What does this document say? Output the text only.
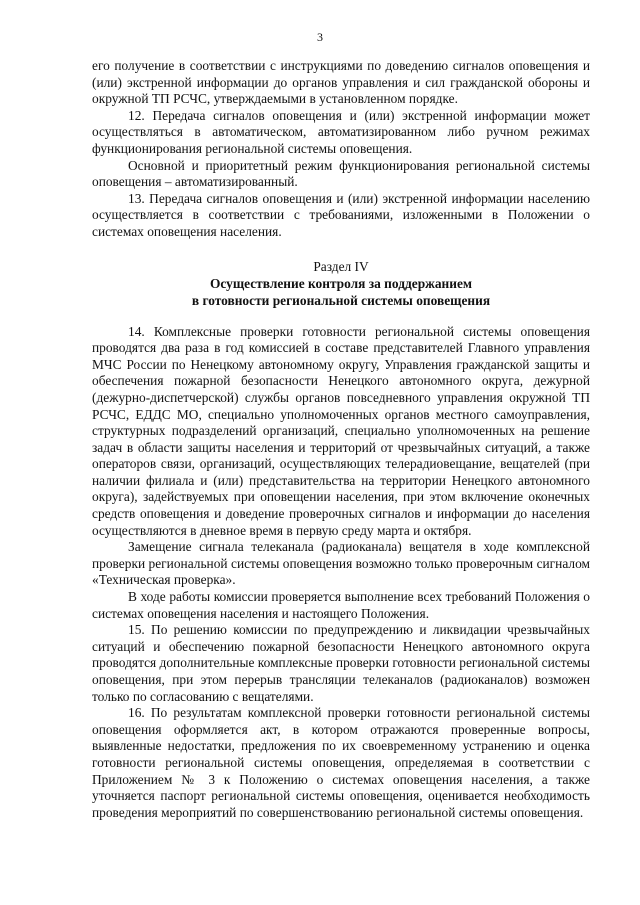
3

его получение в соответствии с инструкциями по доведению сигналов оповещения и (или) экстренной информации до органов управления и сил гражданской обороны и окружной ТП РСЧС, утверждаемыми в установленном порядке.

12. Передача сигналов оповещения и (или) экстренной информации может осуществляться в автоматическом, автоматизированном либо ручном режимах функционирования региональной системы оповещения.

Основной и приоритетный режим функционирования региональной системы оповещения – автоматизированный.

13. Передача сигналов оповещения и (или) экстренной информации населению осуществляется в соответствии с требованиями, изложенными в Положении о системах оповещения населения.

Раздел IV
Осуществление контроля за поддержанием
в готовности региональной системы оповещения

14. Комплексные проверки готовности региональной системы оповещения проводятся два раза в год комиссией в составе представителей Главного управления МЧС России по Ненецкому автономному округу, Управления гражданской защиты и обеспечения пожарной безопасности Ненецкого автономного округа, дежурной (дежурно-диспетчерской) службы органов повседневного управления окружной ТП РСЧС, ЕДДС МО, специально уполномоченных органов местного самоуправления, структурных подразделений организаций, специально уполномоченных на решение задач в области защиты населения и территорий от чрезвычайных ситуаций, а также операторов связи, организаций, осуществляющих телерадиовещание, вещателей (при наличии филиала и (или) представительства на территории Ненецкого автономного округа), задействуемых при оповещении населения, при этом включение оконечных средств оповещения и доведение проверочных сигналов и информации до населения осуществляются в дневное время в первую среду марта и октября.

Замещение сигнала телеканала (радиоканала) вещателя в ходе комплексной проверки региональной системы оповещения возможно только проверочным сигналом «Техническая проверка».

В ходе работы комиссии проверяется выполнение всех требований Положения о системах оповещения населения и настоящего Положения.

15. По решению комиссии по предупреждению и ликвидации чрезвычайных ситуаций и обеспечению пожарной безопасности Ненецкого автономного округа проводятся дополнительные комплексные проверки готовности региональной системы оповещения, при этом перерыв трансляции телеканалов (радиоканалов) возможен только по согласованию с вещателями.

16. По результатам комплексной проверки готовности региональной системы оповещения оформляется акт, в котором отражаются проверенные вопросы, выявленные недостатки, предложения по их своевременному устранению и оценка готовности региональной системы оповещения, определяемая в соответствии с Приложением № 3 к Положению о системах оповещения населения, а также уточняется паспорт региональной системы оповещения, оценивается необходимость проведения мероприятий по совершенствованию региональной системы оповещения.
